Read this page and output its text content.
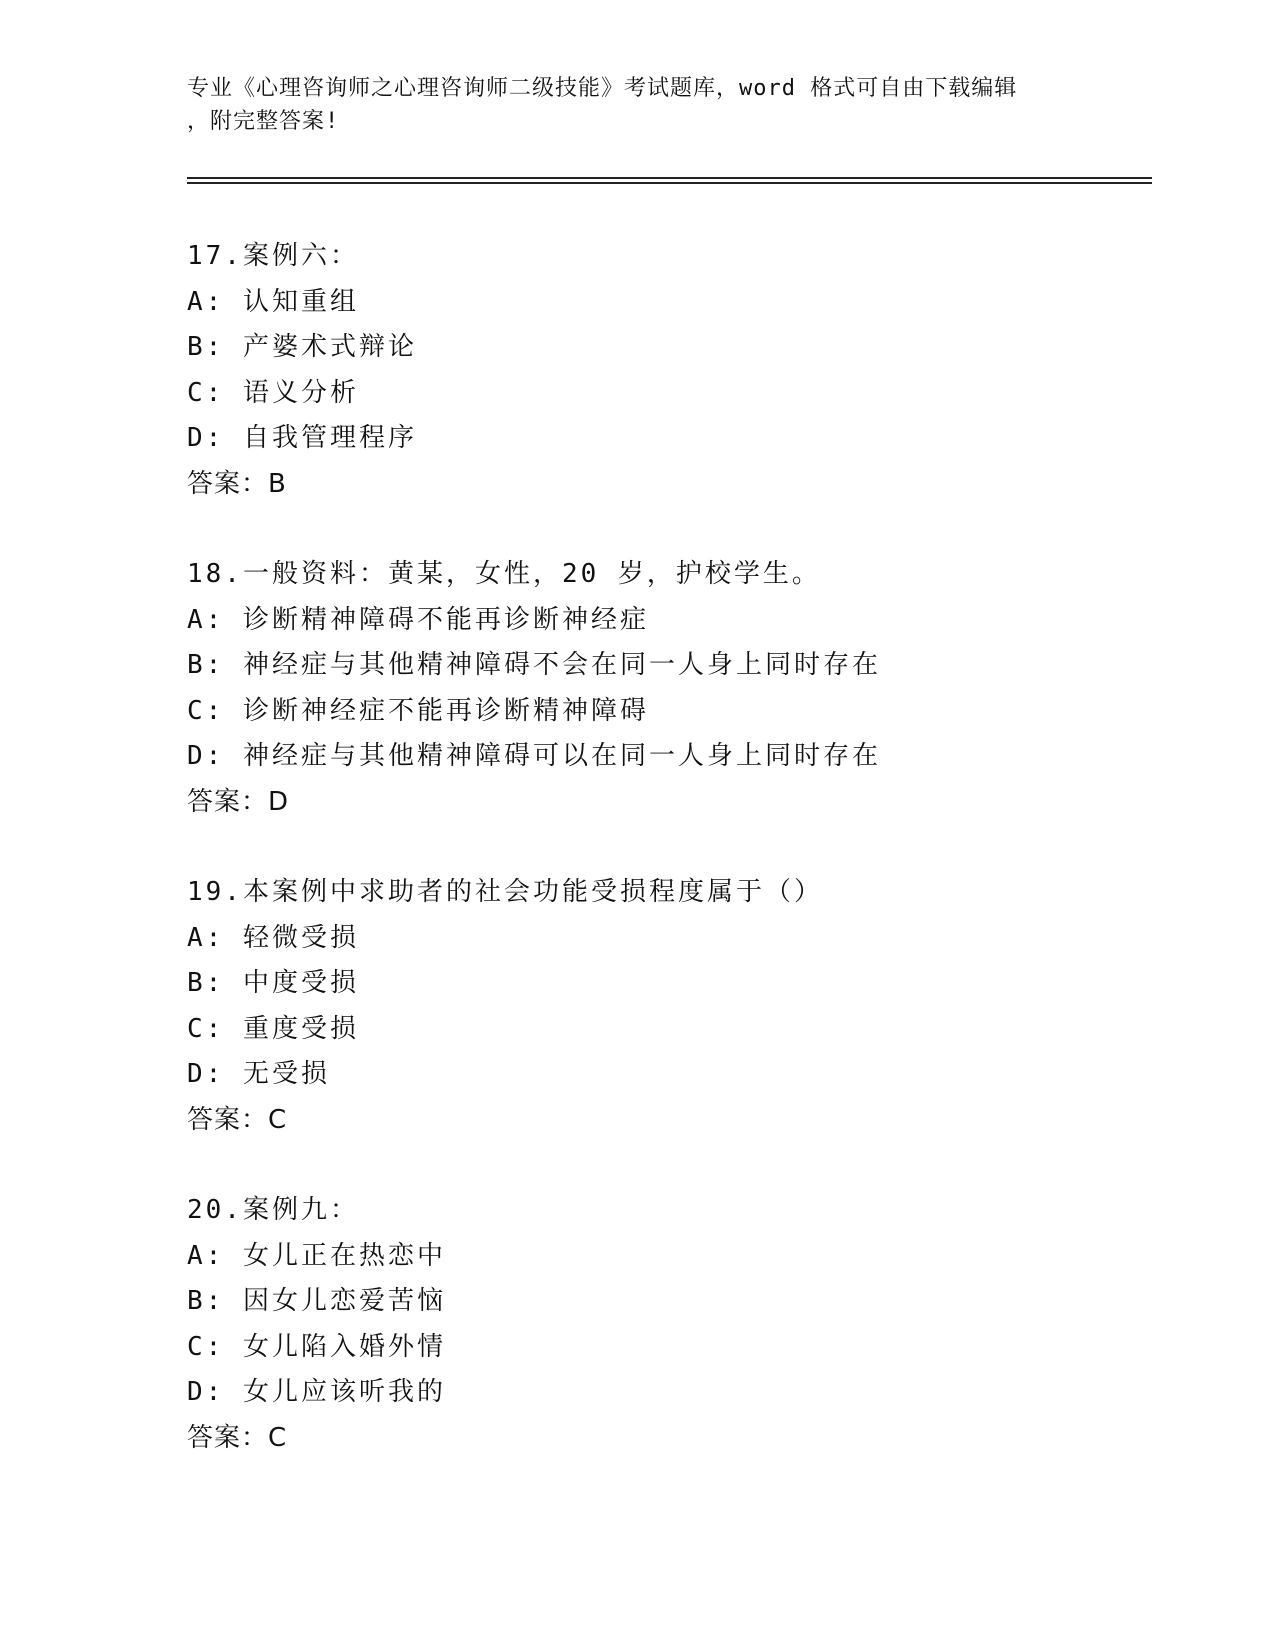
专业《心理咨询师之心理咨询师二级技能》考试题库，word 格式可自由下载编辑
，附完整答案!
17.案例六：
A: 认知重组
B: 产婆术式辩论
C: 语义分析
D: 自我管理程序
答案：B
18.一般资料：黄某，女性，20 岁，护校学生。
A: 诊断精神障碍不能再诊断神经症
B: 神经症与其他精神障碍不会在同一人身上同时存在
C: 诊断神经症不能再诊断精神障碍
D: 神经症与其他精神障碍可以在同一人身上同时存在
答案：D
19.本案例中求助者的社会功能受损程度属于（）
A: 轻微受损
B: 中度受损
C: 重度受损
D: 无受损
答案：C
20.案例九：
A: 女儿正在热恋中
B: 因女儿恋爱苦恼
C: 女儿陷入婚外情
D: 女儿应该听我的
答案：C
